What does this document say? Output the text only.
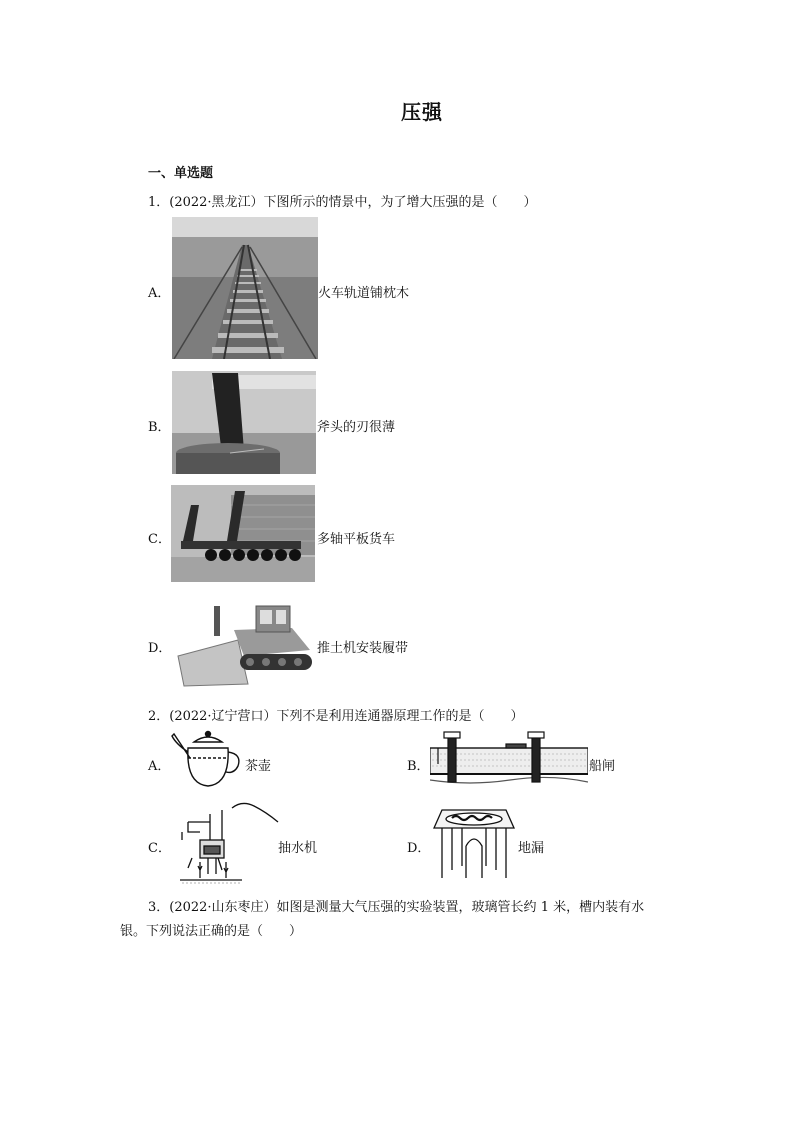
压强
一、单选题
1．(2022·黑龙江）下图所示的情景中，为了增大压强的是（　　）
A．	火车轨道铺枕木
B．	斧头的刃很薄
C．	多轴平板货车
D．	推土机安装履带
2．(2022·辽宁营口）下列不是利用连通器原理工作的是（　　）
A．	茶壶	B．	船闸
C．	抽水机	D．	地漏
3．(2022·山东枣庄）如图是测量大气压强的实验装置，玻璃管长约 1 米，槽内装有水
银。下列说法正确的是（　　）
